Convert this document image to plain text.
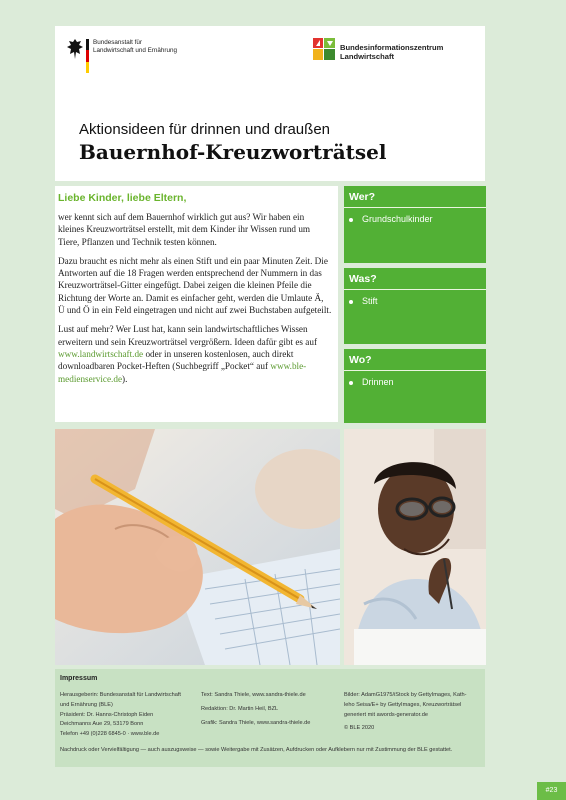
Bundesanstalt für
Landwirtschaft und Ernährung	Bundesinformationszentrum
Landwirtschaft
Aktionsideen für drinnen und draußen
Bauernhof-Kreuzworträtsel
Liebe Kinder, liebe Eltern,

wer kennt sich auf dem Bauernhof wirklich gut aus? Wir haben ein kleines Kreuzworträtsel erstellt, mit dem Kinder ihr Wissen rund um Tiere, Pflanzen und Technik testen können.

Dazu braucht es nicht mehr als einen Stift und ein paar Minuten Zeit. Die Antworten auf die 18 Fragen werden entsprechend der Nummern in das Kreuzworträtsel-Gitter eingefügt. Dabei zeigen die kleinen Pfeile die Richtung der Worte an. Damit es einfacher geht, werden die Umlaute Ä, Ü und Ö in ein Feld eingetragen und nicht auf zwei Buchstaben aufgeteilt.

Lust auf mehr? Wer Lust hat, kann sein landwirtschaftliches Wissen erweitern und sein Kreuzworträtsel vergrößern. Ideen dafür gibt es auf www.landwirtschaft.de oder in unseren kostenlosen, auch direkt downloadbaren Pocket-Heften (Suchbegriff „Pocket“ auf www.ble-medienservice.de).

Wer?
Grundschulkinder
Was?
Stift
Wo?
Drinnen
Impressum
Herausgeberin: Bundesanstalt für Landwirtschaft
und Ernährung (BLE)
Präsident: Dr. Hanns-Christoph Eiden
Deichmanns Aue 29, 53179 Bonn
Telefon +49 (0)228 6845-0 · www.ble.de
Text: Sandra Thiele, www.sandra-thiele.de
Redaktion: Dr. Martin Heil, BZL
Grafik: Sandra Thiele, www.sandra-thiele.de
Bilder: AdamG1975/iStock by GettyImages, Kath-
leho Seisa/E+ by GettyImages, Kreuzworträtsel
generiert mit awords-generator.de
© BLE 2020
Nachdruck oder Vervielfältigung — auch auszugsweise — sowie Weitergabe mit Zusätzen, Aufdrucken oder Aufklebern nur mit Zustimmung der BLE gestattet.
#23
